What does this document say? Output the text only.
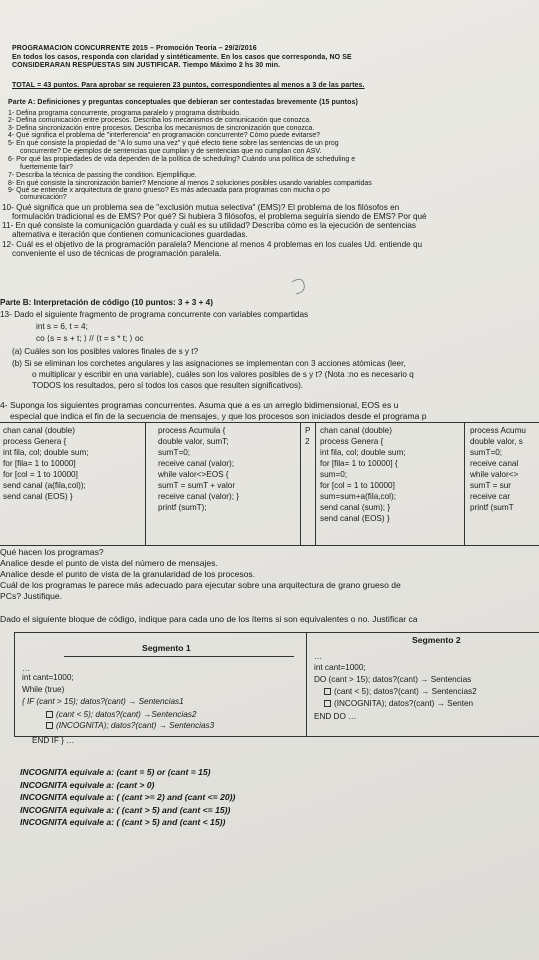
PROGRAMACION CONCURRENTE 2015 – Promoción Teoría – 29/2/2016
En todos los casos, responda con claridad y sintéticamente. En los casos que corresponda, NO SE
CONSIDERARAN RESPUESTAS SIN JUSTIFICAR. Tiempo Máximo 2 hs 30 min.
TOTAL = 43 puntos. Para aprobar se requieren 23 puntos, correspondientes al menos a 3 de las partes.
Parte A: Definiciones y preguntas conceptuales que debieran ser contestadas brevemente (15 puntos)
1- Defina programa concurrente, programa paralelo y programa distribuido.
2- Defina comunicación entre procesos. Describa los mecanismos de comunicación que conozca.
3- Defina sincronización entre procesos. Describa los mecanismos de sincronización que conozca.
4- Qué significa el problema de "interferencia" en programación concurrente? Cómo puede evitarse?
5- En qué consiste la propiedad de "A lo sumo una vez" y qué efecto tiene sobre las sentencias de un prog
concurrente? De ejemplos de sentencias que cumplan y de sentencias que no cumplan con ASV.
6- Por qué las propiedades de vida dependen de la política de scheduling? Cuándo una política de scheduling e
fuertemente fair?
7- Describa la técnica de passing the condition. Ejemplifique.
8- En qué consiste la sincronización barrier? Mencione al menos 2 soluciones posibles usando variables compartidas
9- Qué se entiende x arquitectura de grano grueso? Es más adecuada para programas con mucha o po
comunicación?
10- Qué significa que un problema sea de "exclusión mutua selectiva" (EMS)? El problema de los filósofos en
formulación tradicional es de EMS? Por qué? Si hubiera 3 filósofos, el problema seguiría siendo de EMS? Por qué
11- En qué consiste la comunicación guardada y cuál es su utilidad? Describa cómo es la ejecución de sentencias
alternativa e iteración que contienen comunicaciones guardadas.
12- Cuál es el objetivo de la programación paralela? Mencione al menos 4 problemas en los cuales Ud. entiende qu
conveniente el uso de técnicas de programación paralela.
Parte B: Interpretación de código (10 puntos: 3 + 3 + 4)
13- Dado el siguiente fragmento de programa concurrente con variables compartidas
int s = 6, t = 4;
co ⟨s = s + t; ⟩ // ⟨t = s * t; ⟩ oc
(a) Cuáles son los posibles valores finales de s y t?
(b) Si se eliminan los corchetes angulares y las asignaciones se implementan con 3 acciones atómicas (leer,
o multiplicar y escribir en una variable), cuáles son los valores posibles de s y t? (Nota :no es necesario q
TODOS los resultados, pero sí todos los casos que resulten significativos).
4- Suponga los siguientes programas concurrentes. Asuma que a es un arreglo bidimensional, EOS es u
especial que indica el fin de la secuencia de mensajes, y que los procesos son iniciados desde el programa p
chan canal (double)
process Genera {
int fila, col; double sum;
for [fila= 1 to 10000]
for [col = 1 to 10000]
send canal (a(fila,col));
send canal (EOS) }
process Acumula {
double valor, sumT;
sumT=0;
receive canal (valor);
while valor<>EOS {
sumT = sumT + valor
receive canal (valor); }
printf (sumT);
P
2
chan canal (double)
process Genera {
int fila, col; double sum;
for [fila= 1 to 10000] {
sum=0;
for [col = 1 to 10000]
sum=sum+a(fila,col);
send canal (sum); }
send canal (EOS) }
process Acumu
double valor, s
sumT=0;
receive canal
while valor<>
sumT = sur
receive car
printf (sumT
Qué hacen los programas?
Analice desde el punto de vista del número de mensajes.
Analice desde el punto de vista de la granularidad de los procesos.
Cuál de los programas le parece más adecuado para ejecutar sobre una arquitectura de grano grueso de
PCs? Justifique.
Dado el siguiente bloque de código, indique para cada uno de los ítems si son equivalentes o no. Justificar ca
Segmento 1
Segmento 2
…
int cant=1000;
While (true)
{ IF (cant > 15); datos?(cant) → Sentencias1
(cant < 5); datos?(cant) →Sentencias2
(INCOGNITA); datos?(cant) → Sentencias3
END IF } …
…
int cant=1000;
DO (cant > 15); datos?(cant) → Sentencias
(cant < 5); datos?(cant) → Sentencias2
(INCOGNITA); datos?(cant) → Senten
END DO …
INCOGNITA equivale a: (cant = 5) or (cant = 15)
INCOGNITA equivale a: (cant > 0)
INCOGNITA equivale a: ( (cant >= 2) and (cant <= 20))
INCOGNITA equivale a: ( (cant > 5) and (cant <= 15))
INCOGNITA equivale a: ( (cant > 5) and (cant < 15))
